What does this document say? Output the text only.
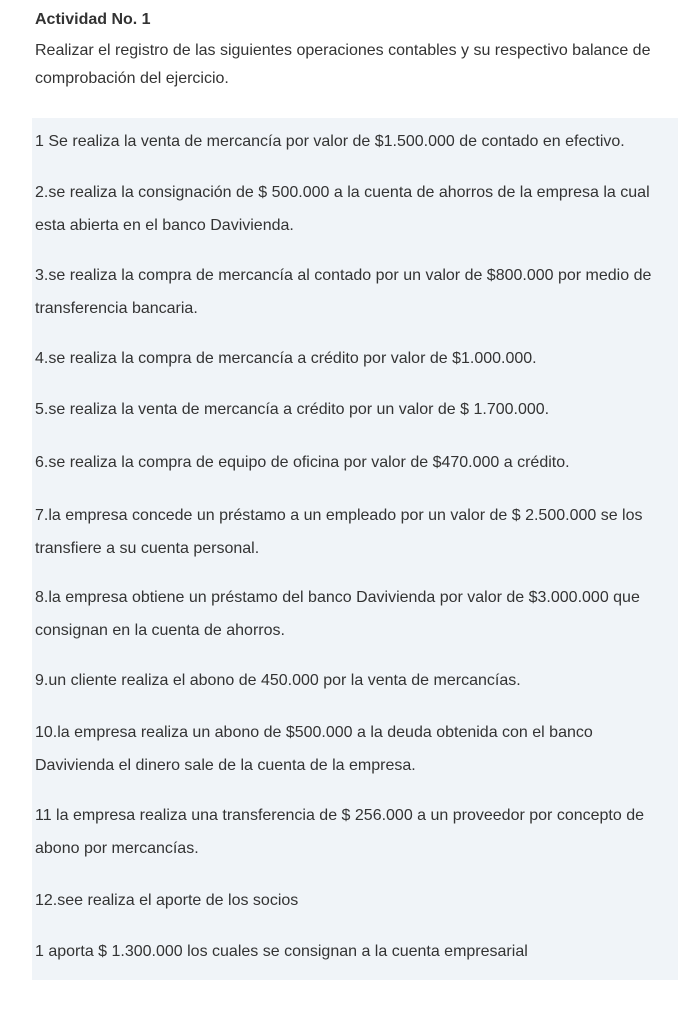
Actividad No. 1

Realizar el registro de las siguientes operaciones contables y su respectivo balance de comprobación del ejercicio.

1 Se realiza la venta de mercancía por valor de $1.500.000 de contado en efectivo.
2.se realiza la consignación de $ 500.000 a la cuenta de ahorros de la empresa la cual esta abierta en el banco Davivienda.
3.se realiza la compra de mercancía al contado por un valor de $800.000 por medio de transferencia bancaria.
4.se realiza la compra de mercancía a crédito por valor de $1.000.000.
5.se realiza la venta de mercancía a crédito por un valor de $ 1.700.000.
6.se realiza la compra de equipo de oficina por valor de $470.000 a crédito.
7.la empresa concede un préstamo a un empleado por un valor de $ 2.500.000 se los transfiere a su cuenta personal.
8.la empresa obtiene un préstamo del banco Davivienda por valor de $3.000.000 que consignan en la cuenta de ahorros.
9.un cliente realiza el abono de 450.000 por la venta de mercancías.
10.la empresa realiza un abono de $500.000 a la deuda obtenida con el banco Davivienda el dinero sale de la cuenta de la empresa.
11 la empresa realiza una transferencia de $ 256.000 a un proveedor por concepto de abono por mercancías.
12.see realiza el aporte de los socios
1 aporta $ 1.300.000 los cuales se consignan a la cuenta empresarial
